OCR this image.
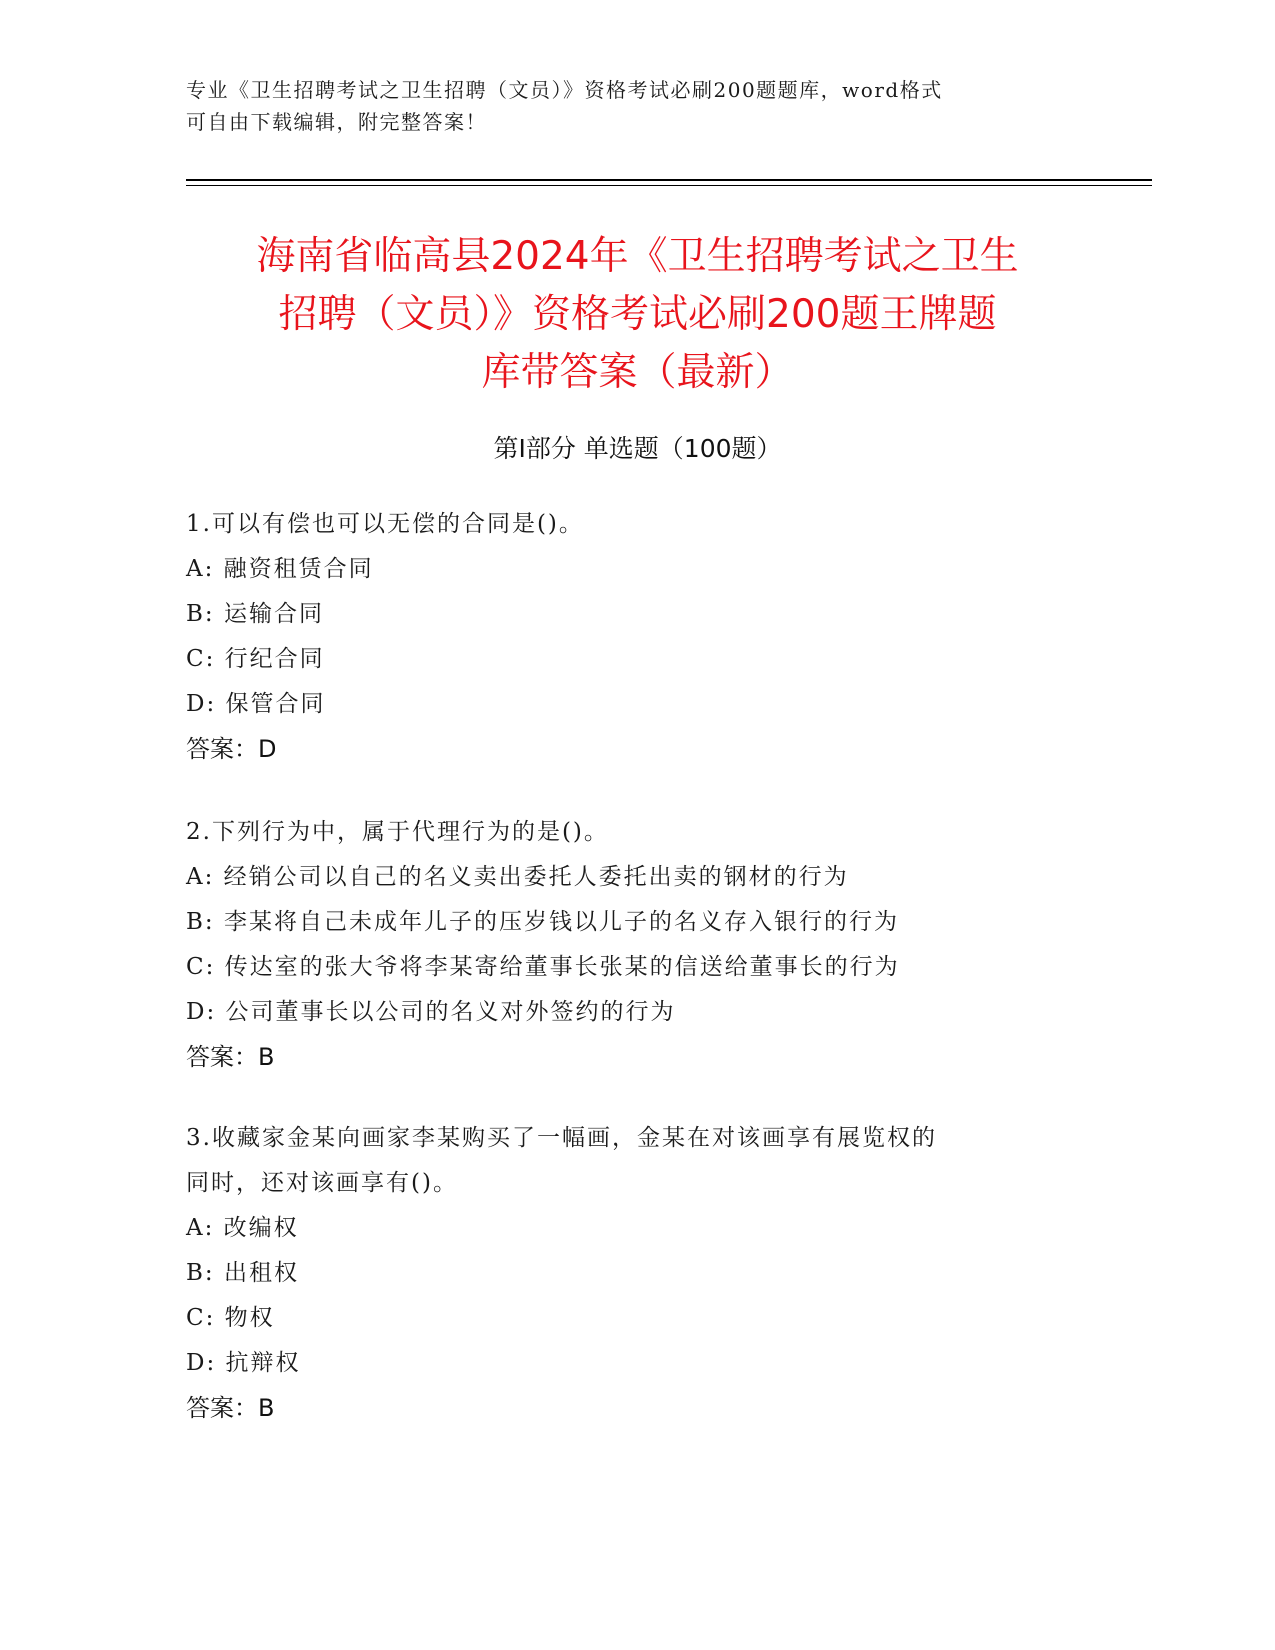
专业《卫生招聘考试之卫生招聘（文员）》资格考试必刷200题题库，word格式
可自由下载编辑，附完整答案！
海南省临高县2024年《卫生招聘考试之卫生
招聘（文员）》资格考试必刷200题王牌题
库带答案（最新）
第Ⅰ部分 单选题（100题）
1.可以有偿也可以无偿的合同是()。
A: 融资租赁合同
B: 运输合同
C: 行纪合同
D: 保管合同
答案：D
2.下列行为中，属于代理行为的是()。
A: 经销公司以自己的名义卖出委托人委托出卖的钢材的行为
B: 李某将自己未成年儿子的压岁钱以儿子的名义存入银行的行为
C: 传达室的张大爷将李某寄给董事长张某的信送给董事长的行为
D: 公司董事长以公司的名义对外签约的行为
答案：B
3.收藏家金某向画家李某购买了一幅画，金某在对该画享有展览权的
同时，还对该画享有()。
A: 改编权
B: 出租权
C: 物权
D: 抗辩权
答案：B
